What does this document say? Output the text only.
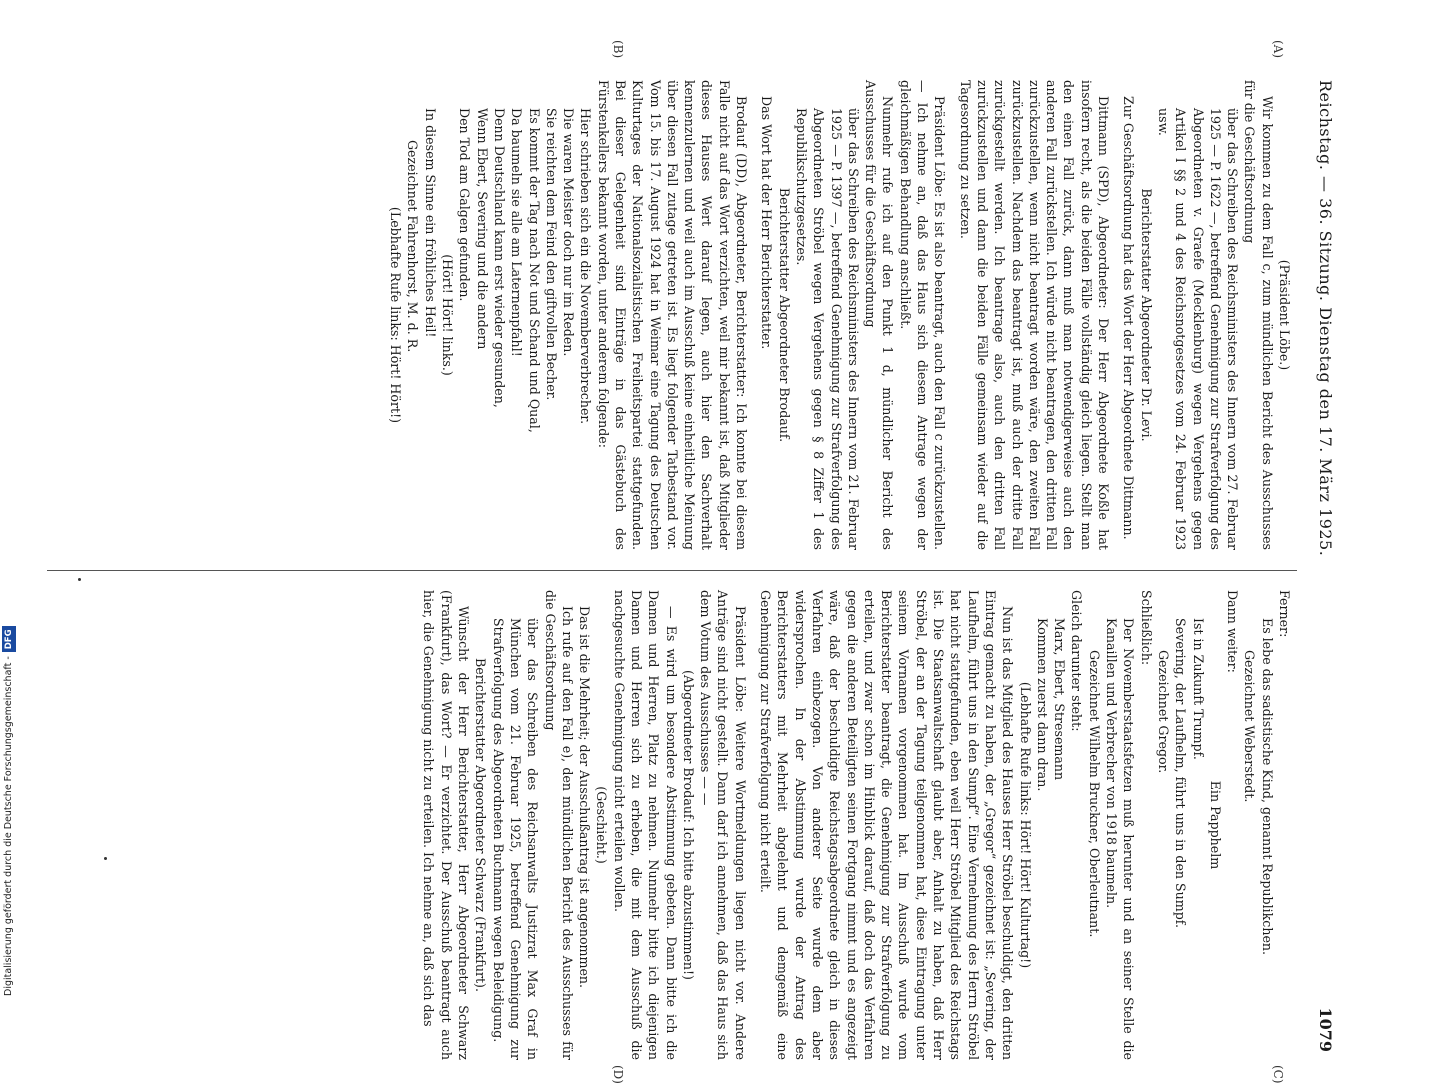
Reichstag. — 36. Sitzung. Dienstag den 17. März 1925.
1079
(A)
(B)
(C)
(D)

(Präsident Löbe.)

Wir kommen zu dem Fall c, zum mündlichen Bericht des Ausschusses für die Geschäftsordnung

über das Schreiben des Reichsministers des Innern vom 27. Februar 1925 — P. 1622 —, betreffend Genehmigung zur Strafverfolgung des Abgeordneten v. Graefe (Mecklenburg) wegen Vergehens gegen Artikel I §§ 2 und 4 des Reichsnotgesetzes vom 24. Februar 1923 usw.

Berichterstatter Abgeordneter Dr. Levi.

Zur Geschäftsordnung hat das Wort der Herr Abgeordnete Dittmann.

Dittmann (SPD), Abgeordneter: Der Herr Abgeordnete Koßle hat insofern recht, als die beiden Fälle vollständig gleich liegen. Stellt man den einen Fall zurück, dann muß man notwendigerweise auch den anderen Fall zurückstellen. Ich würde nicht beantragen, den dritten Fall zurückzustellen, wenn nicht beantragt worden wäre, den zweiten Fall zurückzustellen. Nachdem das beantragt ist, muß auch der dritte Fall zurückgestellt werden. Ich beantrage also, auch den dritten Fall zurückzustellen und dann die beiden Fälle gemeinsam wieder auf die Tagesordnung zu setzen.

Präsident Löbe: Es ist also beantragt, auch den Fall c zurückzustellen. — Ich nehme an, daß das Haus sich diesem Antrage wegen der gleichmäßigen Behandlung anschließt.

Nunmehr rufe ich auf den Punkt 1 d, mündlicher Bericht des Ausschusses für die Geschäftsordnung

über das Schreiben des Reichsministers des Innern vom 21. Februar 1925 — P. 1397 —, betreffend Genehmigung zur Strafverfolgung des Abgeordneten Ströbel wegen Vergehens gegen § 8 Ziffer 1 des Republikschutzgesetzes.

Berichterstatter Abgeordneter Brodauf.

Das Wort hat der Herr Berichterstatter.

Brodauf (DD), Abgeordneter, Berichterstatter: Ich konnte bei diesem Falle nicht auf das Wort verzichten, weil mir bekannt ist, daß Mitglieder dieses Hauses Wert darauf legen, auch hier den Sachverhalt kennenzulernen und weil auch im Ausschuß keine einheitliche Meinung über diesen Fall zutage getreten ist. Es liegt folgender Tatbestand vor. Vom 15. bis 17. August 1924 hat in Weimar eine Tagung des Deutschen Kulturtages der Nationalsozialistischen Freiheitspartei stattgefunden. Bei dieser Gelegenheit sind Einträge in das Gästebuch des Fürstenkellers bekannt worden, unter anderem folgende:

Hier schrieben sich ein die Novemberverbrecher.

Die waren Meister doch nur im Reden.

Sie reichten dem Feind den giftvollen Becher.

Es kommt der Tag nach Not und Schand und Qual,

Da baumeln sie alle am Laternenpfahl!

Denn Deutschland kann erst wieder gesunden,

Wenn Ebert, Severing und die andern

Den Tod am Galgen gefunden.

(Hört! Hört! links.)

In diesem Sinne ein fröhliches Heil!

Gezeichnet Fahrenhorst, M. d. R.

(Lebhafte Rufe links: Hört! Hört!)

Ferner:

Es lebe das sadistische Kind, genannt Republikchen.

Gezeichnet Weberstedt.

Dann weiter:

Ein Papphelm

Ist in Zukunft Trumpf.

Severing, der Laufhelm, führt uns in den Sumpf.

Gezeichnet Gregor.

Schließlich:

Der Novemberstaatsfetzen muß herunter und an seiner Stelle die Kanaillen und Verbrecher von 1918 baumeln.

Gezeichnet Wilhelm Bruckner, Oberleutnant.

Gleich darunter steht:

Marx, Ebert, Stresemann

Kommen zuerst dann dran.

(Lebhafte Rufe links: Hört! Hört! Kulturtag!)

Nun ist das Mitglied des Hauses Herr Ströbel beschuldigt, den dritten Eintrag gemacht zu haben, der „Gregor“ gezeichnet ist: „Severing, der Laufhelm, führt uns in den Sumpf“. Eine Vernehmung des Herrn Ströbel hat nicht stattgefunden, eben weil Herr Ströbel Mitglied des Reichstags ist. Die Staatsanwaltschaft glaubt aber, Anhalt zu haben, daß Herr Ströbel, der an der Tagung teilgenommen hat, diese Eintragung unter seinem Vornamen vorgenommen hat. Im Ausschuß wurde vom Berichterstatter beantragt, die Genehmigung zur Strafverfolgung zu erteilen, und zwar schon im Hinblick darauf, daß doch das Verfahren gegen die anderen Beteiligten seinen Fortgang nimmt und es angezeigt wäre, daß der beschuldigte Reichstagsabgeordnete gleich in dieses Verfahren einbezogen. Von anderer Seite wurde dem aber widersprochen. In der Abstimmung wurde der Antrag des Berichterstatters mit Mehrheit abgelehnt und demgemäß eine Genehmigung zur Strafverfolgung nicht erteilt.

Präsident Löbe: Weitere Wortmeldungen liegen nicht vor. Andere Anträge sind nicht gestellt. Dann darf ich annehmen, daß das Haus sich dem Votum des Ausschusses — —

(Abgeordneter Brodauf: Ich bitte abzustimmen!)

— Es wird um besondere Abstimmung gebeten. Dann bitte ich die Damen und Herren, Platz zu nehmen. Nunmehr bitte ich diejenigen Damen und Herren sich zu erheben, die mit dem Ausschuß die nachgesuchte Genehmigung nicht erteilen wollen.

(Geschieht.)

Das ist die Mehrheit; der Ausschußantrag ist angenommen.

Ich rufe auf den Fall e), den mündlichen Bericht des Ausschusses für die Geschäftsordnung

über das Schreiben des Reichsanwalts Justizrat Max Graf in München vom 21. Februar 1925, betreffend Genehmigung zur Strafverfolgung des Abgeordneten Buchmann wegen Beleidigung.

Berichterstatter Abgeordneter Schwarz (Frankfurt).

Wünscht der Herr Berichterstatter, Herr Abgeordneter Schwarz (Frankfurt), das Wort? — Er verzichtet. Der Ausschuß beantragt auch hier, die Genehmigung nicht zu erteilen. Ich nehme an, daß sich das

Digitalisierung gefördert durch die Deutsche Forschungsgemeinschaft -DFG
